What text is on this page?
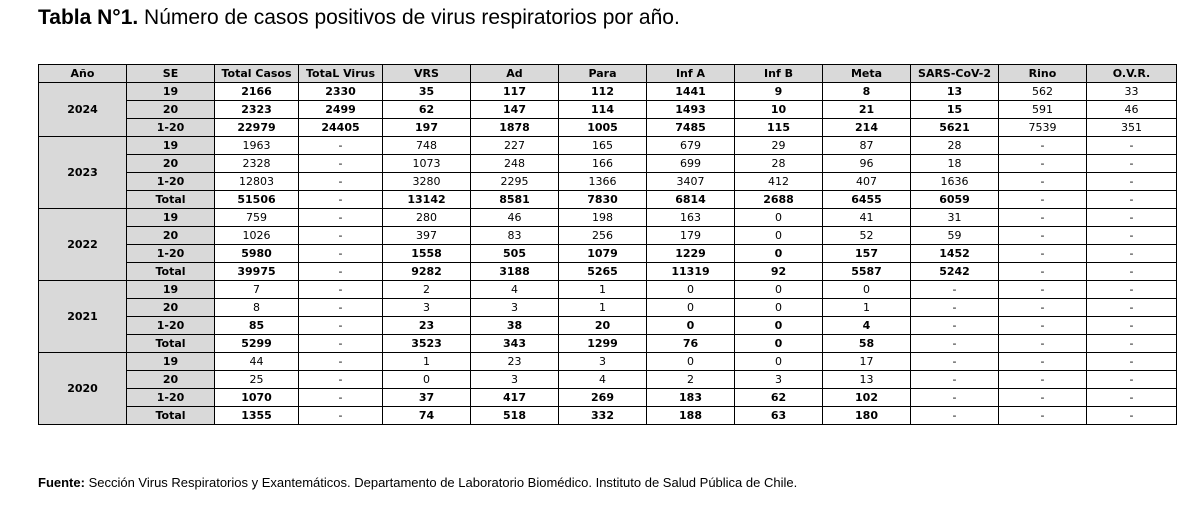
Tabla N°1. Número de casos positivos de virus respiratorios por año.
Año	SE	Total Casos	TotaL Virus	VRS	Ad	Para	Inf A	Inf B	Meta	SARS-CoV-2	Rino	O.V.R.
2024	19	2166	2330	35	117	112	1441	9	8	13	562	33
	20	2323	2499	62	147	114	1493	10	21	15	591	46
	1-20	22979	24405	197	1878	1005	7485	115	214	5621	7539	351
2023	19	1963	-	748	227	165	679	29	87	28	-	-
	20	2328	-	1073	248	166	699	28	96	18	-	-
	1-20	12803	-	3280	2295	1366	3407	412	407	1636	-	-
	Total	51506	-	13142	8581	7830	6814	2688	6455	6059	-	-
2022	19	759	-	280	46	198	163	0	41	31	-	-
	20	1026	-	397	83	256	179	0	52	59	-	-
	1-20	5980	-	1558	505	1079	1229	0	157	1452	-	-
	Total	39975	-	9282	3188	5265	11319	92	5587	5242	-	-
2021	19	7	-	2	4	1	0	0	0	-	-	-
	20	8	-	3	3	1	0	0	1	-	-	-
	1-20	85	-	23	38	20	0	0	4	-	-	-
	Total	5299	-	3523	343	1299	76	0	58	-	-	-
2020	19	44	-	1	23	3	0	0	17	-	-	-
	20	25	-	0	3	4	2	3	13	-	-	-
	1-20	1070	-	37	417	269	183	62	102	-	-	-
	Total	1355	-	74	518	332	188	63	180	-	-	-
Fuente: Sección Virus Respiratorios y Exantemáticos. Departamento de Laboratorio Biomédico. Instituto de Salud Pública de Chile.
